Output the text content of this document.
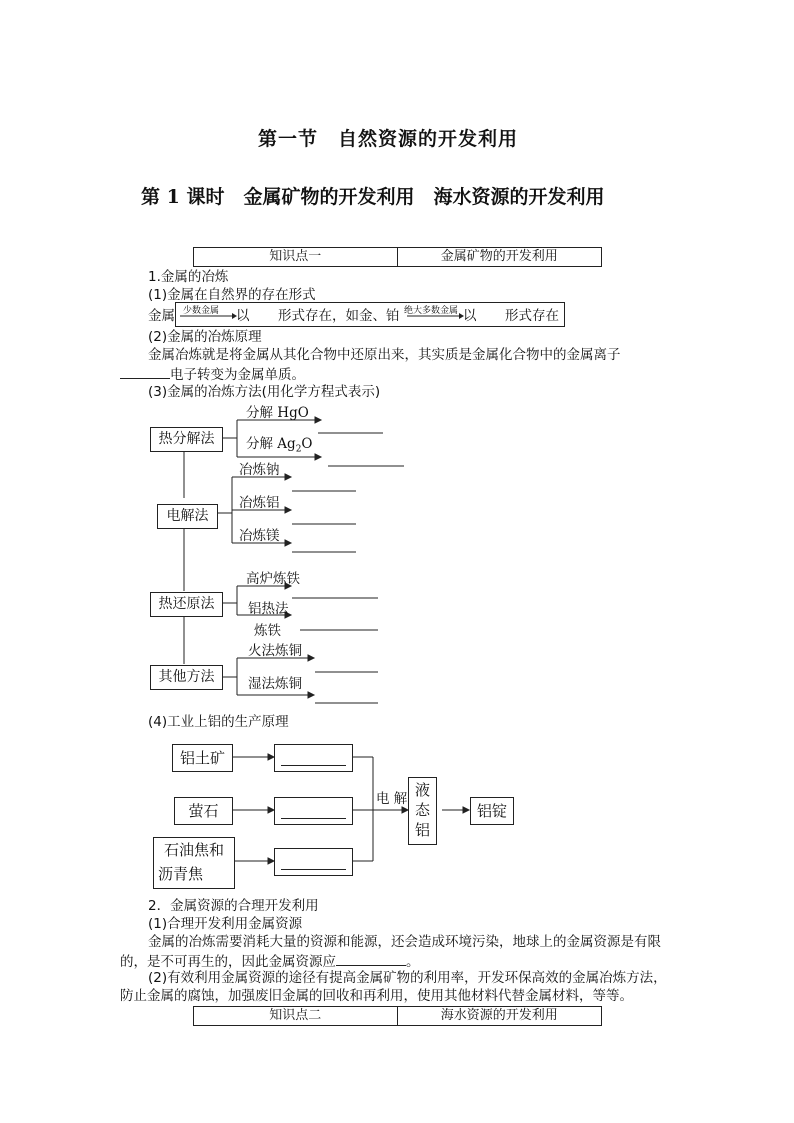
第一节　自然资源的开发利用
第 1 课时　金属矿物的开发利用　海水资源的开发利用
知识点一	金属矿物的开发利用
1.金属的冶炼
(1)金属在自然界的存在形式
金属 少数金属 以 形式存在，如金、铂 绝大多数金属 以 形式存在
(2)金属的冶炼原理
金属冶炼就是将金属从其化合物中还原出来，其实质是金属化合物中的金属离子
电子转变为金属单质。
(3)金属的冶炼方法(用化学方程式表示)
热分解法
分解 HgO
分解 $Ag_2O$
电解法
冶炼钠
冶炼铝
冶炼镁
热还原法
高炉炼铁
铝热法
炼铁
其他方法
火法炼铜
湿法炼铜
(4)工业上铝的生产原理
铝土矿
萤石
石油焦和
沥青焦
电 解 液态铝
铝锭
2．金属资源的合理开发利用
(1)合理开发利用金属资源
金属的冶炼需要消耗大量的资源和能源，还会造成环境污染，地球上的金属资源是有限
的，是不可再生的，因此金属资源应	。
(2)有效利用金属资源的途径有提高金属矿物的利用率，开发环保高效的金属冶炼方法，
防止金属的腐蚀，加强废旧金属的回收和再利用，使用其他材料代替金属材料，等等。
知识点二	海水资源的开发利用
